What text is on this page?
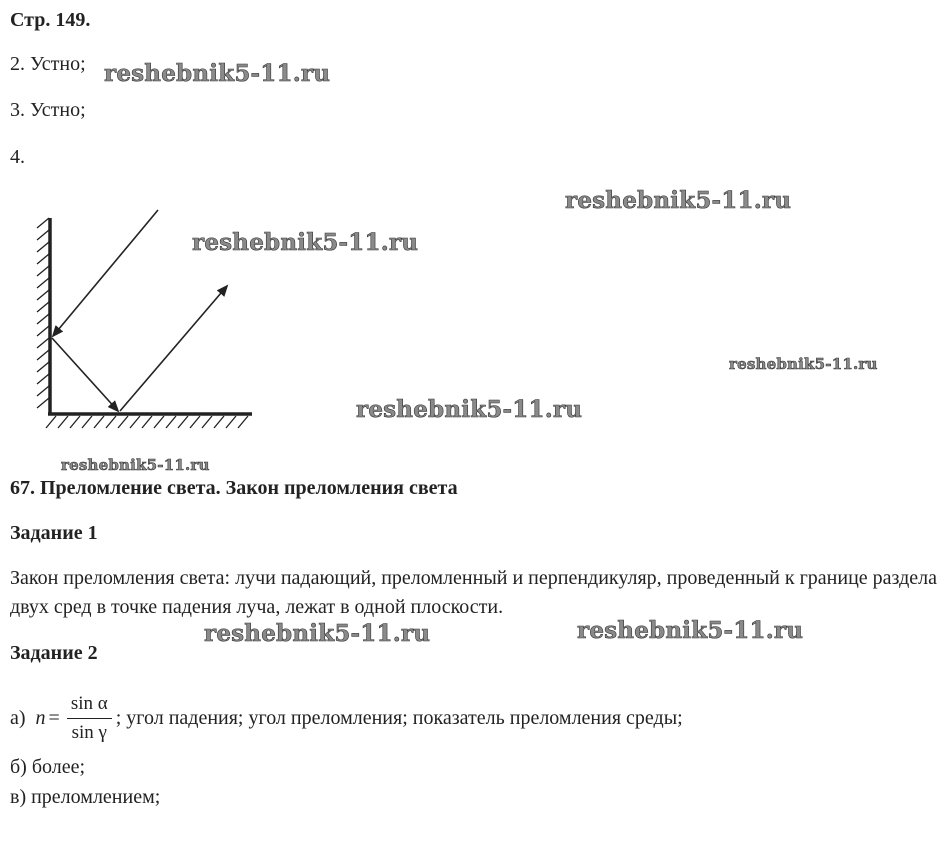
Стр. 149.
2. Устно;
3. Устно;
4.
67. Преломление света. Закон преломления света
Задание 1
Закон преломления света: лучи падающий, преломленный и перпендикуляр, проведенный к границе раздела двух сред в точке падения луча, лежат в одной плоскости.
Задание 2
а) $n = \frac{\text{sin α}}{\text{sin γ}}$ ; угол падения; угол преломления; показатель преломления среды;
б) более;
в) преломлением;
reshebnik5-11.ru
reshebnik5-11.ru
reshebnik5-11.ru
reshebnik5-11.ru
reshebnik5-11.ru
reshebnik5-11.ru
reshebnik5-11.ru	reshebnik5-11.ru
